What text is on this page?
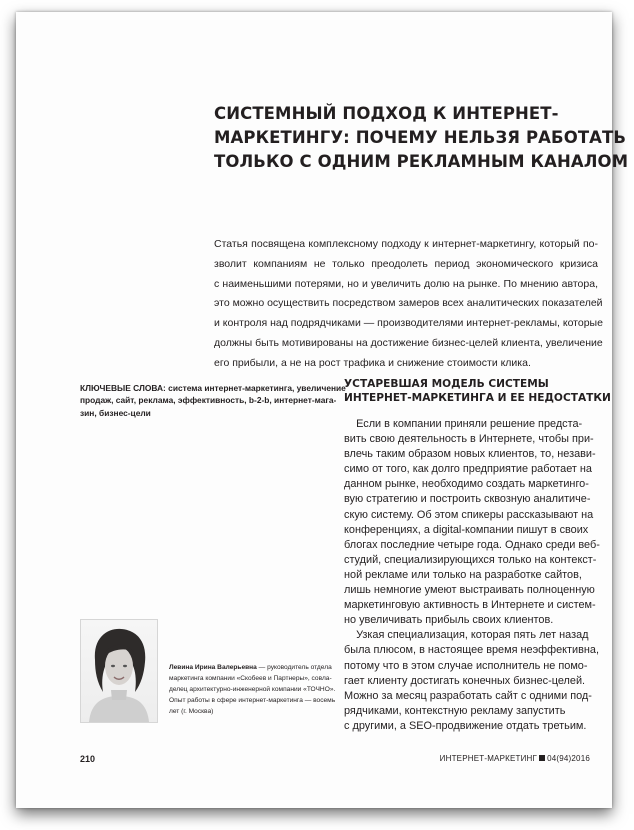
СИСТЕМНЫЙ ПОДХОД К ИНТЕРНЕТ-
МАРКЕТИНГУ: ПОЧЕМУ НЕЛЬЗЯ РАБОТАТЬ
ТОЛЬКО С ОДНИМ РЕКЛАМНЫМ КАНАЛОМ
Статья посвящена комплексному подходу к интернет-маркетингу, который по-
зволит компаниям не только преодолеть период экономического кризиса
с наименьшими потерями, но и увеличить долю на рынке. По мнению автора,
это можно осуществить посредством замеров всех аналитических показателей
и контроля над подрядчиками — производителями интернет-рекламы, которые
должны быть мотивированы на достижение бизнес-целей клиента, увеличение
его прибыли, а не на рост трафика и снижение стоимости клика.
КЛЮЧЕВЫЕ СЛОВА: система интернет-маркетинга, увеличение
продаж, сайт, реклама, эффективность, b-2-b, интернет-мага-
зин, бизнес-цели
УСТАРЕВШАЯ МОДЕЛЬ СИСТЕМЫ
ИНТЕРНЕТ-МАРКЕТИНГА И ЕЕ НЕДОСТАТКИ
Если в компании приняли решение предста-
вить свою деятельность в Интернете, чтобы при-
влечь таким образом новых клиентов, то, незави-
симо от того, как долго предприятие работает на
данном рынке, необходимо создать маркетинго-
вую стратегию и построить сквозную аналитиче-
скую систему. Об этом спикеры рассказывают на
конференциях, а digital-компании пишут в своих
блогах последние четыре года. Однако среди веб-
студий, специализирующихся только на контекст-
ной рекламе или только на разработке сайтов,
лишь немногие умеют выстраивать полноценную
маркетинговую активность в Интернете и систем-
но увеличивать прибыль своих клиентов.
Узкая специализация, которая пять лет назад
была плюсом, в настоящее время неэффективна,
потому что в этом случае исполнитель не помо-
гает клиенту достигать конечных бизнес-целей.
Можно за месяц разработать сайт с одними под-
рядчиками, контекстную рекламу запустить
с другими, а SEO-продвижение отдать третьим.
Левина Ирина Валерьевна — руководитель отдела
маркетинга компании «Скобеев и Партнеры», совла-
делец архитектурно-инженерной компании «ТОЧНО».
Опыт работы в сфере интернет-маркетинга — восемь
лет (г. Москва)
210	ИНТЕРНЕТ-МАРКЕТИНГ 04(94)2016
